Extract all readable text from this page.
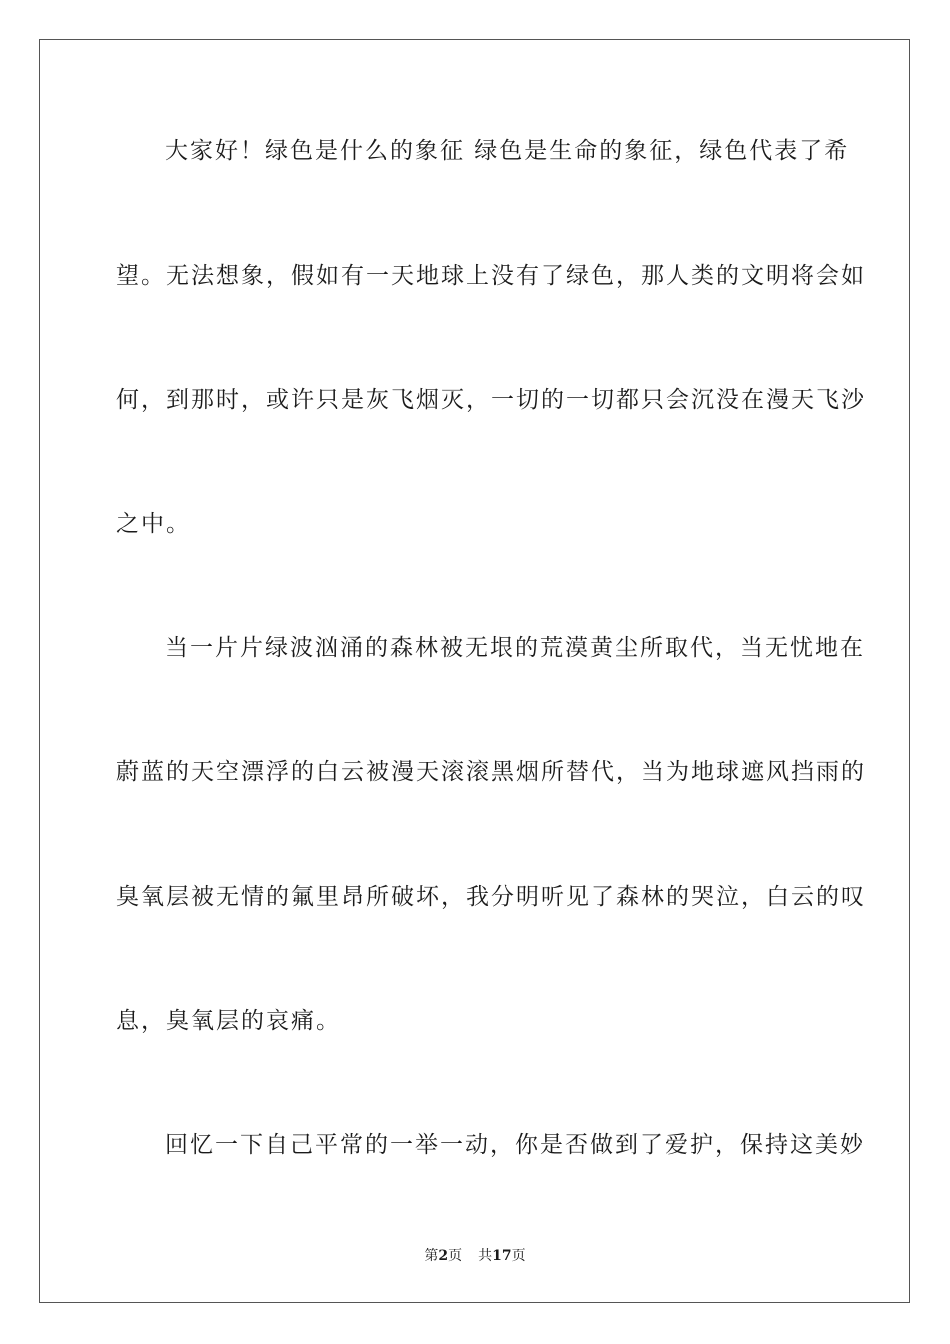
大家好！绿色是什么的象征 绿色是生命的象征，绿色代表了希
望。无法想象，假如有一天地球上没有了绿色，那人类的文明将会如
何，到那时，或许只是灰飞烟灭，一切的一切都只会沉没在漫天飞沙
之中。
当一片片绿波汹涌的森林被无垠的荒漠黄尘所取代，当无忧地在
蔚蓝的天空漂浮的白云被漫天滚滚黑烟所替代，当为地球遮风挡雨的
臭氧层被无情的氟里昂所破坏，我分明听见了森林的哭泣，白云的叹
息，臭氧层的哀痛。
回忆一下自己平常的一举一动，你是否做到了爱护，保持这美妙
第2页 共17页
